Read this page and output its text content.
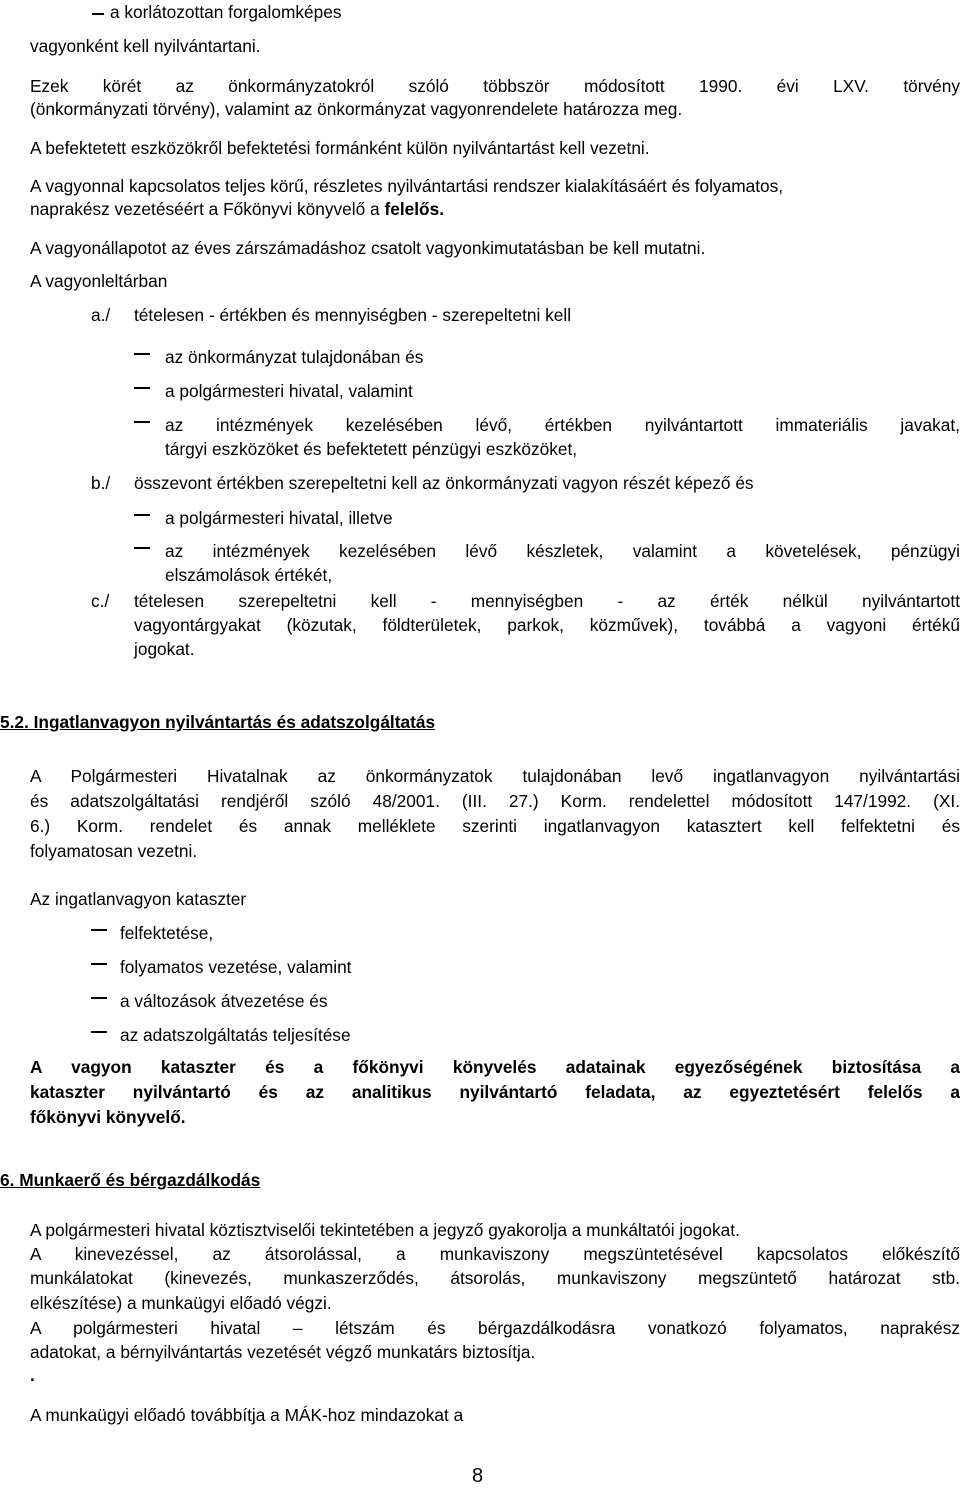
a korlátozottan forgalomképes

vagyonként kell nyilvántartani.

Ezek körét az önkormányzatokról szóló többször módosított 1990. évi LXV. törvény

(önkormányzati törvény), valamint az önkormányzat vagyonrendelete határozza meg.

A befektetett eszközökről befektetési formánként külön nyilvántartást kell vezetni.

A vagyonnal kapcsolatos teljes körű, részletes nyilvántartási rendszer kialakításáért és folyamatos,

naprakész vezetéséért a Főkönyvi könyvelő a felelős.

A vagyonállapotot az éves zárszámadáshoz csatolt vagyonkimutatásban be kell mutatni.

A vagyonleltárban

a./ tételesen - értékben és mennyiségben - szerepeltetni kell

az önkormányzat tulajdonában és

a polgármesteri hivatal, valamint

az intézmények kezelésében lévő, értékben nyilvántartott immateriális javakat,

tárgyi eszközöket és befektetett pénzügyi eszközöket,

b./ összevont értékben szerepeltetni kell az önkormányzati vagyon részét képező és

a polgármesteri hivatal, illetve

az intézmények kezelésében lévő készletek, valamint a követelések, pénzügyi

elszámolások értékét,

c./ tételesen szerepeltetni kell - mennyiségben - az érték nélkül nyilvántartott

vagyontárgyakat (közutak, földterületek, parkok, közművek), továbbá a vagyoni értékű

jogokat.

5.2. Ingatlanvagyon nyilvántartás és adatszolgáltatás

A Polgármesteri Hivatalnak az önkormányzatok tulajdonában levő ingatlanvagyon nyilvántartási

és adatszolgáltatási rendjéről szóló 48/2001. (III. 27.) Korm. rendelettel módosított 147/1992. (XI.

6.) Korm. rendelet és annak melléklete szerinti ingatlanvagyon katasztert kell felfektetni és

folyamatosan vezetni.

Az ingatlanvagyon kataszter

felfektetése,

folyamatos vezetése, valamint

a változások átvezetése és

az adatszolgáltatás teljesítése

A vagyon kataszter és a főkönyvi könyvelés adatainak egyezőségének biztosítása a

kataszter nyilvántartó és az analitikus nyilvántartó feladata, az egyeztetésért felelős a

főkönyvi könyvelő.

6. Munkaerő és bérgazdálkodás

A polgármesteri hivatal köztisztviselői tekintetében a jegyző gyakorolja a munkáltatói jogokat.

A kinevezéssel, az átsorolással, a munkaviszony megszüntetésével kapcsolatos előkészítő

munkálatokat (kinevezés, munkaszerződés, átsorolás, munkaviszony megszüntető határozat stb.

elkészítése) a munkaügyi előadó végzi.

A polgármesteri hivatal – létszám és bérgazdálkodásra vonatkozó folyamatos, naprakész

adatokat, a bérnyilvántartás vezetését végző munkatárs biztosítja.

.

A munkaügyi előadó továbbítja a MÁK-hoz mindazokat a

8
